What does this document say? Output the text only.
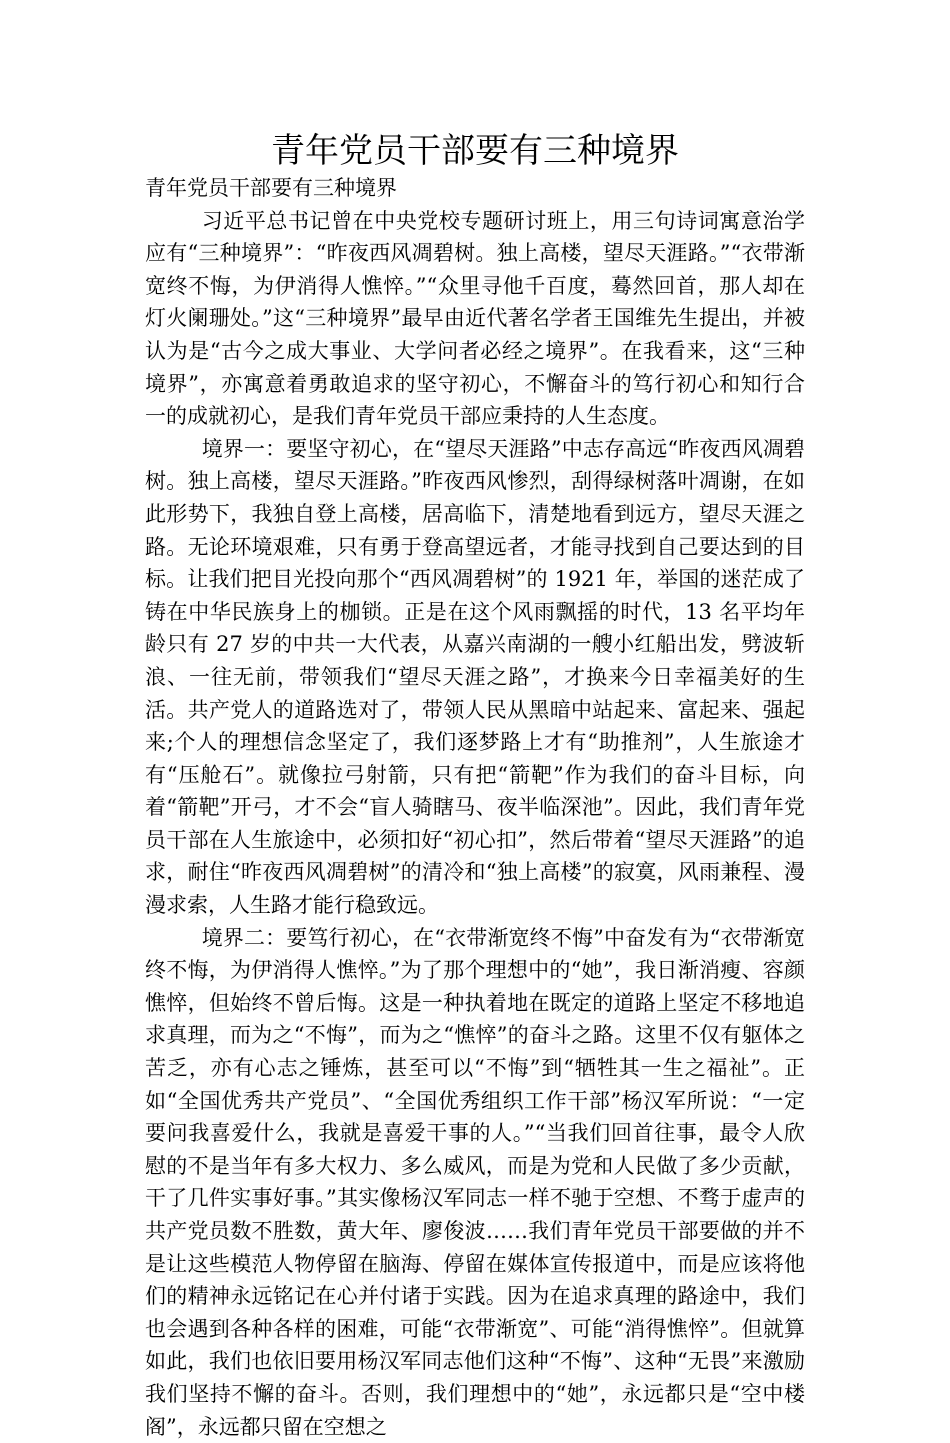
青年党员干部要有三种境界

青年党员干部要有三种境界

习近平总书记曾在中央党校专题研讨班上，用三句诗词寓意治学应有“三种境界”：“昨夜西风凋碧树。独上高楼，望尽天涯路。”“衣带渐宽终不悔，为伊消得人憔悴。”“众里寻他千百度，蓦然回首，那人却在灯火阑珊处。”这“三种境界”最早由近代著名学者王国维先生提出，并被认为是“古今之成大事业、大学问者必经之境界”。在我看来，这“三种境界”，亦寓意着勇敢追求的坚守初心，不懈奋斗的笃行初心和知行合一的成就初心，是我们青年党员干部应秉持的人生态度。

境界一：要坚守初心，在“望尽天涯路”中志存高远“昨夜西风凋碧树。独上高楼，望尽天涯路。”昨夜西风惨烈，刮得绿树落叶凋谢，在如此形势下，我独自登上高楼，居高临下，清楚地看到远方，望尽天涯之路。无论环境艰难，只有勇于登高望远者，才能寻找到自己要达到的目标。让我们把目光投向那个“西风凋碧树”的 1921 年，举国的迷茫成了铸在中华民族身上的枷锁。正是在这个风雨飘摇的时代，13 名平均年龄只有 27 岁的中共一大代表，从嘉兴南湖的一艘小红船出发，劈波斩浪、一往无前，带领我们“望尽天涯之路”，才换来今日幸福美好的生活。共产党人的道路选对了，带领人民从黑暗中站起来、富起来、强起来;个人的理想信念坚定了，我们逐梦路上才有“助推剂”，人生旅途才有“压舱石”。就像拉弓射箭，只有把“箭靶”作为我们的奋斗目标，向着“箭靶”开弓，才不会“盲人骑瞎马、夜半临深池”。因此，我们青年党员干部在人生旅途中，必须扣好“初心扣”，然后带着“望尽天涯路”的追求，耐住“昨夜西风凋碧树”的清冷和“独上高楼”的寂寞，风雨兼程、漫漫求索，人生路才能行稳致远。

境界二：要笃行初心，在“衣带渐宽终不悔”中奋发有为“衣带渐宽终不悔，为伊消得人憔悴。”为了那个理想中的“她”，我日渐消瘦、容颜憔悴，但始终不曾后悔。这是一种执着地在既定的道路上坚定不移地追求真理，而为之“不悔”，而为之“憔悴”的奋斗之路。这里不仅有躯体之苦乏，亦有心志之锤炼，甚至可以“不悔”到“牺牲其一生之福祉”。正如“全国优秀共产党员”、“全国优秀组织工作干部”杨汉军所说：“一定要问我喜爱什么，我就是喜爱干事的人。”“当我们回首往事，最令人欣慰的不是当年有多大权力、多么威风，而是为党和人民做了多少贡献，干了几件实事好事。”其实像杨汉军同志一样不驰于空想、不骛于虚声的共产党员数不胜数，黄大年、廖俊波……我们青年党员干部要做的并不是让这些模范人物停留在脑海、停留在媒体宣传报道中，而是应该将他们的精神永远铭记在心并付诸于实践。因为在追求真理的路途中，我们也会遇到各种各样的困难，可能“衣带渐宽”、可能“消得憔悴”。但就算如此，我们也依旧要用杨汉军同志他们这种“不悔”、这种“无畏”来激励我们坚持不懈的奋斗。否则，我们理想中的“她”，永远都只是“空中楼阁”，永远都只留在空想之
